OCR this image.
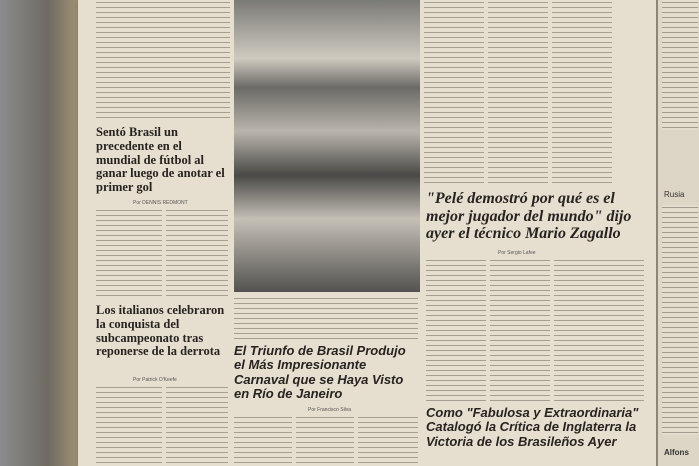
Sentó Brasil un precedente en el mundial de fútbol al ganar luego de anotar el primer gol
Por DENNIS REDMONT
Los italianos celebraron la conquista del subcampeonato tras reponerse de la derrota
Por Patrick O'Keefe
"Pelé demostró por qué es el mejor jugador del mundo" dijo ayer el técnico Mario Zagallo
Por Sergio Lafee
El Triunfo de Brasil Produjo el Más Impresionante Carnaval que se Haya Visto en Río de Janeiro
Por Francisco Silva	Como "Fabulosa y Extraordinaria" Catalogó la Crítica de Inglaterra la Victoria de los Brasileños Ayer
Rusia
Alfons
